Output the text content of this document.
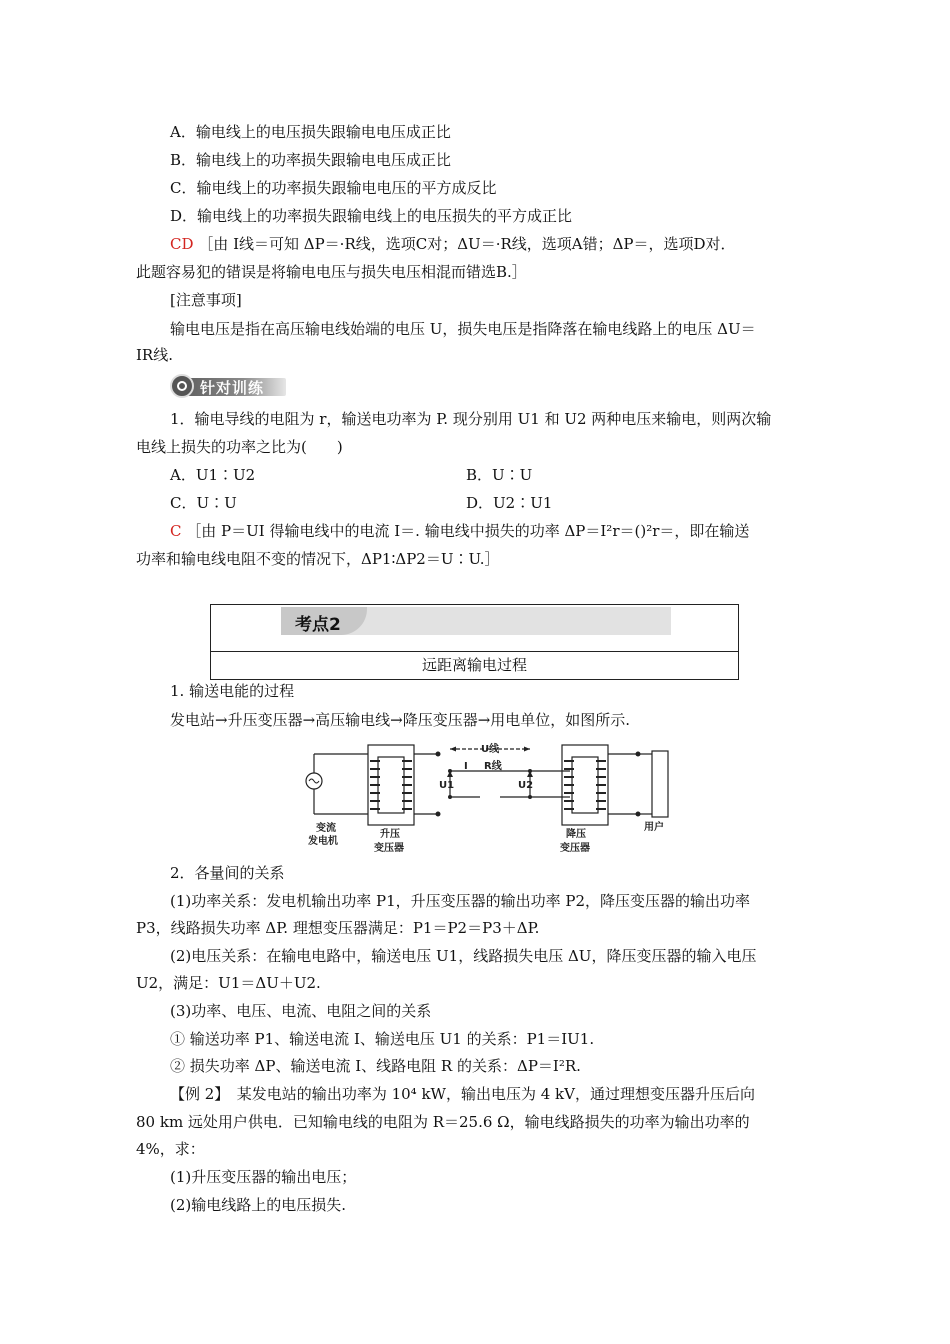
A．输电线上的电压损失跟输电电压成正比
B．输电线上的功率损失跟输电电压成正比
C．输电线上的功率损失跟输电电压的平方成反比
D．输电线上的功率损失跟输电线上的电压损失的平方成正比
CD ［由 I线＝可知 ΔP＝·R线，选项C对；ΔU＝·R线，选项A错；ΔP＝，选项D对．
此题容易犯的错误是将输电电压与损失电压相混而错选B.］
[注意事项]
输电电压是指在高压输电线始端的电压 U，损失电压是指降落在输电线路上的电压 ΔU＝
IR线.
针对训练
1．输电导线的电阻为 r，输送电功率为 P. 现分别用 U1 和 U2 两种电压来输电，则两次输
电线上损失的功率之比为(　　)
A．U1∶U2	B．U∶U
C．U∶U	D．U2∶U1
C ［由 P＝UI 得输电线中的电流 I＝. 输电线中损失的功率 ΔP＝I²r＝()²r＝，即在输送
功率和输电线电阻不变的情况下，ΔP1∶ΔP2＝U∶U.］
考点2
远距离输电过程
1. 输送电能的过程
发电站→升压变压器→高压输电线→降压变压器→用电单位，如图所示.
U线
I R线
U1	U2
变流
发电机
升压
变压器
降压
变压器
用户
2．各量间的关系
(1)功率关系：发电机输出功率 P1，升压变压器的输出功率 P2，降压变压器的输出功率
P3，线路损失功率 ΔP. 理想变压器满足：P1＝P2＝P3＋ΔP.
(2)电压关系：在输电电路中，输送电压 U1，线路损失电压 ΔU，降压变压器的输入电压
U2，满足：U1＝ΔU＋U2.
(3)功率、电压、电流、电阻之间的关系
① 输送功率 P1、输送电流 I、输送电压 U1 的关系：P1＝IU1.
② 损失功率 ΔP、输送电流 I、线路电阻 R 的关系：ΔP＝I²R.
【例 2】　某发电站的输出功率为 10⁴ kW，输出电压为 4 kV，通过理想变压器升压后向
80 km 远处用户供电．已知输电线的电阻为 R＝25.6 Ω，输电线路损失的功率为输出功率的
4%，求：
(1)升压变压器的输出电压；
(2)输电线路上的电压损失.
